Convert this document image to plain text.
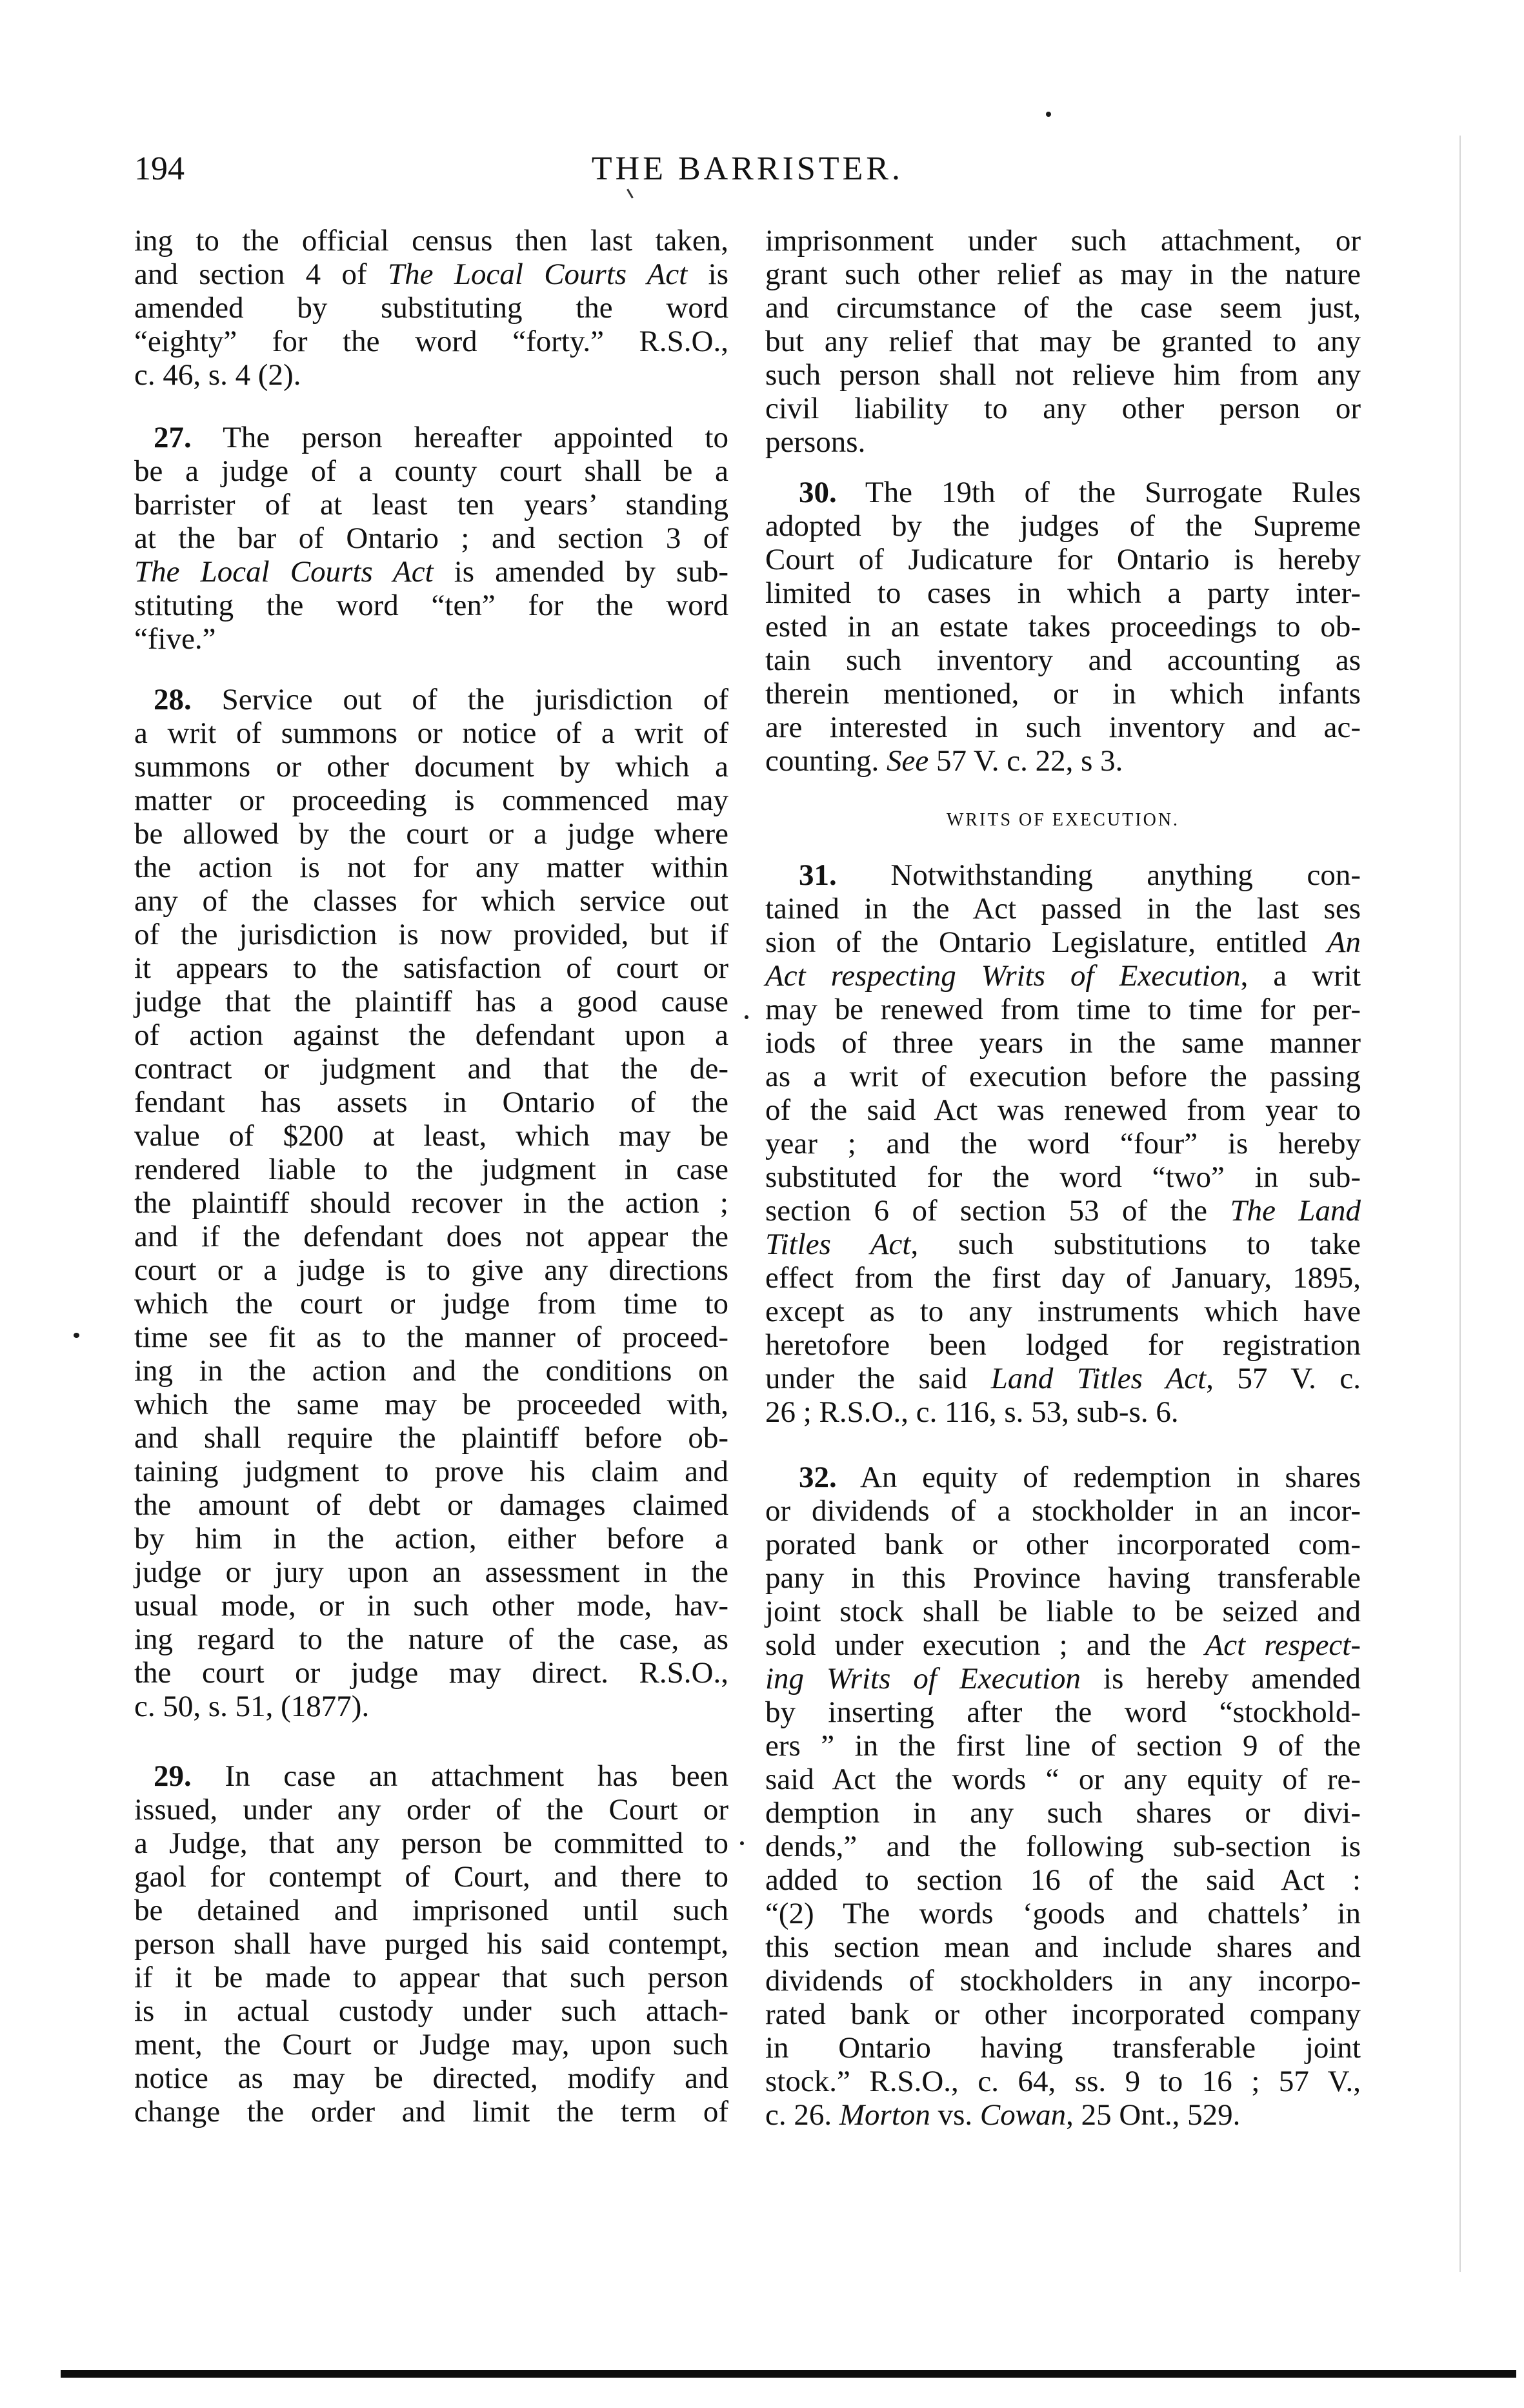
194	THE BARRISTER.
ing to the official census then last taken,
and section 4 of The Local Courts Act is
amended by substituting the word
“eighty” for the word “forty.” R.S.O.,
c. 46, s. 4 (2).
27. The person hereafter appointed to
be a judge of a county court shall be a
barrister of at least ten years’ standing
at the bar of Ontario ; and section 3 of
The Local Courts Act is amended by sub-
stituting the word “ten” for the word
“five.”
28. Service out of the jurisdiction of
a writ of summons or notice of a writ of
summons or other document by which a
matter or proceeding is commenced may
be allowed by the court or a judge where
the action is not for any matter within
any of the classes for which service out
of the jurisdiction is now provided, but if
it appears to the satisfaction of court or
judge that the plaintiff has a good cause
of action against the defendant upon a
contract or judgment and that the de-
fendant has assets in Ontario of the
value of $200 at least, which may be
rendered liable to the judgment in case
the plaintiff should recover in the action ;
and if the defendant does not appear the
court or a judge is to give any directions
which the court or judge from time to
time see fit as to the manner of proceed-
ing in the action and the conditions on
which the same may be proceeded with,
and shall require the plaintiff before ob-
taining judgment to prove his claim and
the amount of debt or damages claimed
by him in the action, either before a
judge or jury upon an assessment in the
usual mode, or in such other mode, hav-
ing regard to the nature of the case, as
the court or judge may direct. R.S.O.,
c. 50, s. 51, (1877).
29. In case an attachment has been
issued, under any order of the Court or
a Judge, that any person be committed to
gaol for contempt of Court, and there to
be detained and imprisoned until such
person shall have purged his said contempt,
if it be made to appear that such person
is in actual custody under such attach-
ment, the Court or Judge may, upon such
notice as may be directed, modify and
change the order and limit the term of
imprisonment under such attachment, or
grant such other relief as may in the nature
and circumstance of the case seem just,
but any relief that may be granted to any
such person shall not relieve him from any
civil liability to any other person or
persons.
30. The 19th of the Surrogate Rules
adopted by the judges of the Supreme
Court of Judicature for Ontario is hereby
limited to cases in which a party inter-
ested in an estate takes proceedings to ob-
tain such inventory and accounting as
therein mentioned, or in which infants
are interested in such inventory and ac-
counting. See 57 V. c. 22, s 3.
WRITS OF EXECUTION.
31. Notwithstanding anything con-
tained in the Act passed in the last ses
sion of the Ontario Legislature, entitled An
Act respecting Writs of Execution, a writ
may be renewed from time to time for per-
iods of three years in the same manner
as a writ of execution before the passing
of the said Act was renewed from year to
year ; and the word “four” is hereby
substituted for the word “two” in sub-
section 6 of section 53 of the The Land
Titles Act, such substitutions to take
effect from the first day of January, 1895,
except as to any instruments which have
heretofore been lodged for registration
under the said Land Titles Act, 57 V. c.
26 ; R.S.O., c. 116, s. 53, sub-s. 6.
32. An equity of redemption in shares
or dividends of a stockholder in an incor-
porated bank or other incorporated com-
pany in this Province having transferable
joint stock shall be liable to be seized and
sold under execution ; and the Act respect-
ing Writs of Execution is hereby amended
by inserting after the word “stockhold-
ers ” in the first line of section 9 of the
said Act the words “ or any equity of re-
demption in any such shares or divi-
dends,” and the following sub-section is
added to section 16 of the said Act :
“(2) The words ‘goods and chattels’ in
this section mean and include shares and
dividends of stockholders in any incorpo-
rated bank or other incorporated company
in Ontario having transferable joint
stock.” R.S.O., c. 64, ss. 9 to 16 ; 57 V.,
c. 26. Morton vs. Cowan, 25 Ont., 529.
